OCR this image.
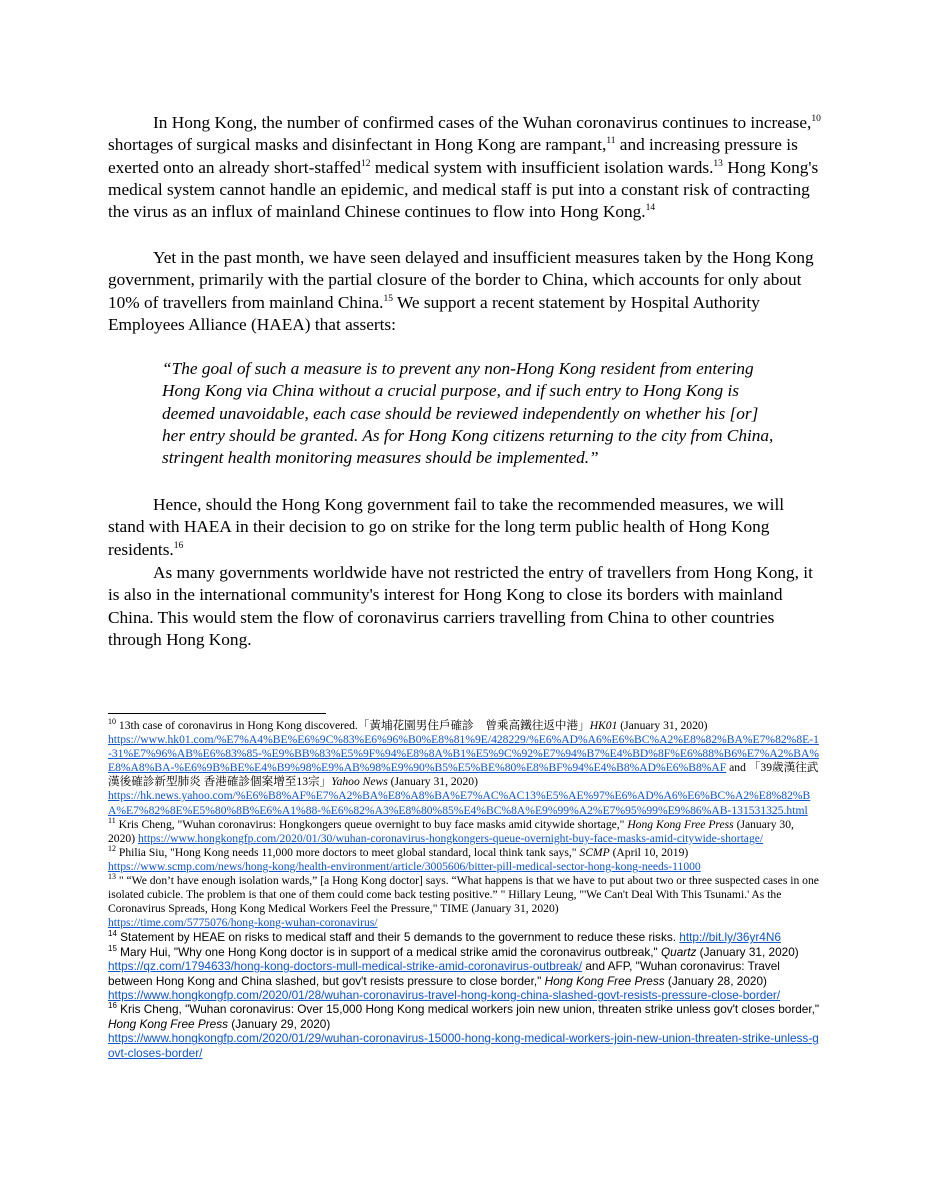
In Hong Kong, the number of confirmed cases of the Wuhan coronavirus continues to increase,$^{10}$ shortages of surgical masks and disinfectant in Hong Kong are rampant,$^{11}$ and increasing pressure is exerted onto an already short-staffed$^{12}$ medical system with insufficient isolation wards.$^{13}$ Hong Kong's medical system cannot handle an epidemic, and medical staff is put into a constant risk of contracting the virus as an influx of mainland Chinese continues to flow into Hong Kong.$^{14}$

Yet in the past month, we have seen delayed and insufficient measures taken by the Hong Kong government, primarily with the partial closure of the border to China, which accounts for only about 10% of travellers from mainland China.$^{15}$ We support a recent statement by Hospital Authority Employees Alliance (HAEA) that asserts:

“The goal of such a measure is to prevent any non-Hong Kong resident from entering Hong Kong via China without a crucial purpose, and if such entry to Hong Kong is deemed unavoidable, each case should be reviewed independently on whether his [or] her entry should be granted. As for Hong Kong citizens returning to the city from China, stringent health monitoring measures should be implemented.”

Hence, should the Hong Kong government fail to take the recommended measures, we will stand with HAEA in their decision to go on strike for the long term public health of Hong Kong residents.$^{16}$

As many governments worldwide have not restricted the entry of travellers from Hong Kong, it is also in the international community's interest for Hong Kong to close its borders with mainland China. This would stem the flow of coronavirus carriers travelling from China to other countries through Hong Kong.

$^{10}$ 13th case of coronavirus in Hong Kong discovered.「黃埔花園男住戶確診　曾乘高鐵往返中港」HK01 (January 31, 2020)
https://www.hk01.com/%E7%A4%BE%E6%9C%83%E6%96%B0%E8%81%9E/428229/%E6%AD%A6%E6%BC%A2%E8%82%BA%E7%82%8E-1-31%E7%96%AB%E6%83%85-%E9%BB%83%E5%9F%94%E8%8A%B1%E5%9C%92%E7%94%B7%E4%BD%8F%E6%88%B6%E7%A2%BA%E8%A8%BA-%E6%9B%BE%E4%B9%98%E9%AB%98%E9%90%B5%E5%BE%80%E8%BF%94%E4%B8%AD%E6%B8%AF and 「39歲漢往武漢後確診新型肺炎 香港確診個案增至13宗」Yahoo News (January 31, 2020)
https://hk.news.yahoo.com/%E6%B8%AF%E7%A2%BA%E8%A8%BA%E7%AC%AC13%E5%AE%97%E6%AD%A6%E6%BC%A2%E8%82%BA%E7%82%8E%E5%80%8B%E6%A1%88-%E6%82%A3%E8%80%85%E4%BC%8A%E9%99%A2%E7%95%99%E9%86%AB-131531325.html

$^{11}$ Kris Cheng, "Wuhan coronavirus: Hongkongers queue overnight to buy face masks amid citywide shortage," Hong Kong Free Press (January 30, 2020) https://www.hongkongfp.com/2020/01/30/wuhan-coronavirus-hongkongers-queue-overnight-buy-face-masks-amid-citywide-shortage/

$^{12}$ Philia Siu, "Hong Kong needs 11,000 more doctors to meet global standard, local think tank says," SCMP (April 10, 2019)
https://www.scmp.com/news/hong-kong/health-environment/article/3005606/bitter-pill-medical-sector-hong-kong-needs-11000

$^{13}$ " “We don’t have enough isolation wards,” [a Hong Kong doctor] says. “What happens is that we have to put about two or three suspected cases in one isolated cubicle. The problem is that one of them could come back testing positive.” " Hillary Leung, "'We Can't Deal With This Tsunami.' As the Coronavirus Spreads, Hong Kong Medical Workers Feel the Pressure," TIME (January 31, 2020)
https://time.com/5775076/hong-kong-wuhan-coronavirus/

$^{14}$ Statement by HEAE on risks to medical staff and their 5 demands to the government to reduce these risks. http://bit.ly/36yr4N6

$^{15}$ Mary Hui, "Why one Hong Kong doctor is in support of a medical strike amid the coronavirus outbreak," Quartz (January 31, 2020)
https://qz.com/1794633/hong-kong-doctors-mull-medical-strike-amid-coronavirus-outbreak/ and AFP, "Wuhan coronavirus: Travel between Hong Kong and China slashed, but gov't resists pressure to close border," Hong Kong Free Press (January 28, 2020)
https://www.hongkongfp.com/2020/01/28/wuhan-coronavirus-travel-hong-kong-china-slashed-govt-resists-pressure-close-border/

$^{16}$ Kris Cheng, "Wuhan coronavirus: Over 15,000 Hong Kong medical workers join new union, threaten strike unless gov't closes border," Hong Kong Free Press (January 29, 2020)
https://www.hongkongfp.com/2020/01/29/wuhan-coronavirus-15000-hong-kong-medical-workers-join-new-union-threaten-strike-unless-govt-closes-border/
